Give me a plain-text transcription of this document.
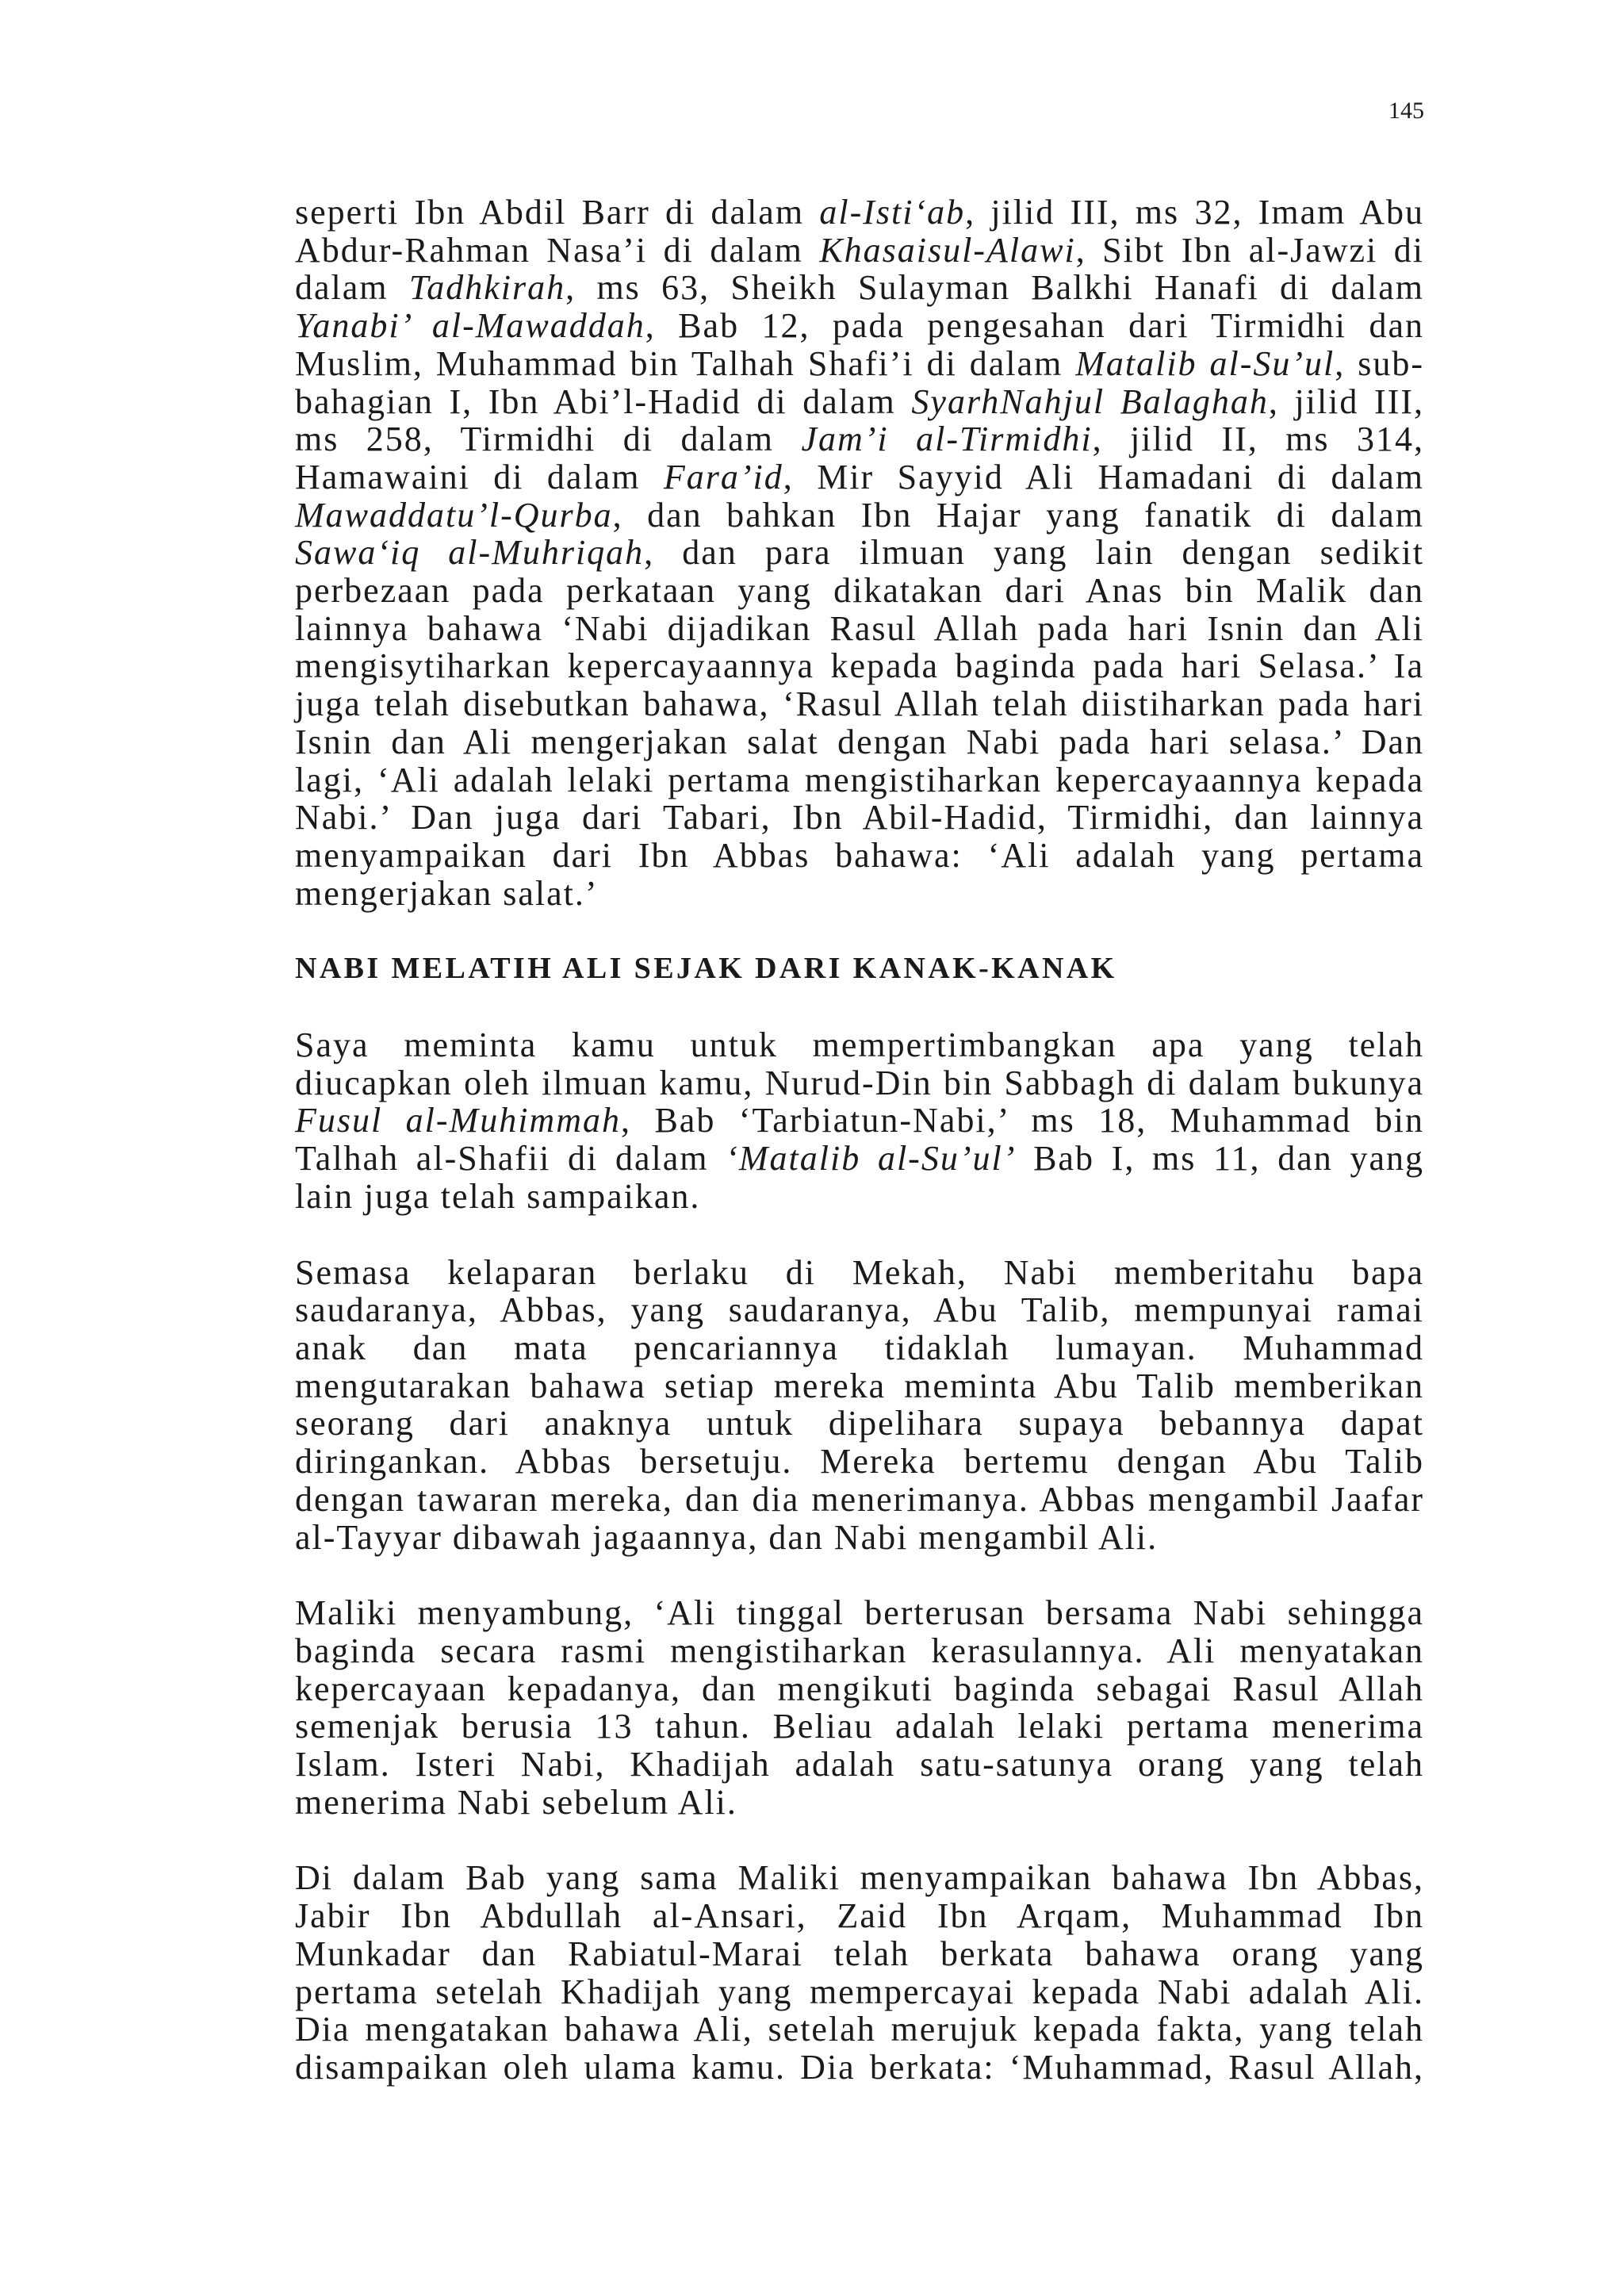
145
seperti Ibn Abdil Barr di dalam al-Isti‘ab, jilid III, ms 32, Imam Abu
Abdur-Rahman Nasa’i di dalam Khasaisul-Alawi, Sibt Ibn al-Jawzi di
dalam Tadhkirah, ms 63, Sheikh Sulayman Balkhi Hanafi di dalam
Yanabi’ al-Mawaddah, Bab 12, pada pengesahan dari Tirmidhi dan
Muslim, Muhammad bin Talhah Shafi’i di dalam Matalib al-Su’ul, sub-
bahagian I, Ibn Abi’l-Hadid di dalam SyarhNahjul Balaghah, jilid III,
ms 258, Tirmidhi di dalam Jam’i al-Tirmidhi, jilid II, ms 314,
Hamawaini di dalam Fara’id, Mir Sayyid Ali Hamadani di dalam
Mawaddatu’l-Qurba, dan bahkan Ibn Hajar yang fanatik di dalam
Sawa‘iq al-Muhriqah, dan para ilmuan yang lain dengan sedikit
perbezaan pada perkataan yang dikatakan dari Anas bin Malik dan
lainnya bahawa ‘Nabi dijadikan Rasul Allah pada hari Isnin dan Ali
mengisytiharkan kepercayaannya kepada baginda pada hari Selasa.’ Ia
juga telah disebutkan bahawa, ‘Rasul Allah telah diistiharkan pada hari
Isnin dan Ali mengerjakan salat dengan Nabi pada hari selasa.’ Dan
lagi, ‘Ali adalah lelaki pertama mengistiharkan kepercayaannya kepada
Nabi.’ Dan juga dari Tabari, Ibn Abil-Hadid, Tirmidhi, dan lainnya
menyampaikan dari Ibn Abbas bahawa: ‘Ali adalah yang pertama
mengerjakan salat.’
NABI MELATIH ALI SEJAK DARI KANAK-KANAK
Saya meminta kamu untuk mempertimbangkan apa yang telah
diucapkan oleh ilmuan kamu, Nurud-Din bin Sabbagh di dalam bukunya
Fusul al-Muhimmah, Bab ‘Tarbiatun-Nabi,’ ms 18, Muhammad bin
Talhah al-Shafii di dalam ‘Matalib al-Su’ul’ Bab I, ms 11, dan yang
lain juga telah sampaikan.
Semasa kelaparan berlaku di Mekah, Nabi memberitahu bapa
saudaranya, Abbas, yang saudaranya, Abu Talib, mempunyai ramai
anak dan mata pencariannya tidaklah lumayan. Muhammad
mengutarakan bahawa setiap mereka meminta Abu Talib memberikan
seorang dari anaknya untuk dipelihara supaya bebannya dapat
diringankan. Abbas bersetuju. Mereka bertemu dengan Abu Talib
dengan tawaran mereka, dan dia menerimanya. Abbas mengambil Jaafar
al-Tayyar dibawah jagaannya, dan Nabi mengambil Ali.
Maliki menyambung, ‘Ali tinggal berterusan bersama Nabi sehingga
baginda secara rasmi mengistiharkan kerasulannya. Ali menyatakan
kepercayaan kepadanya, dan mengikuti baginda sebagai Rasul Allah
semenjak berusia 13 tahun. Beliau adalah lelaki pertama menerima
Islam. Isteri Nabi, Khadijah adalah satu-satunya orang yang telah
menerima Nabi sebelum Ali.
Di dalam Bab yang sama Maliki menyampaikan bahawa Ibn Abbas,
Jabir Ibn Abdullah al-Ansari, Zaid Ibn Arqam, Muhammad Ibn
Munkadar dan Rabiatul-Marai telah berkata bahawa orang yang
pertama setelah Khadijah yang mempercayai kepada Nabi adalah Ali.
Dia mengatakan bahawa Ali, setelah merujuk kepada fakta, yang telah
disampaikan oleh ulama kamu. Dia berkata: ‘Muhammad, Rasul Allah,
